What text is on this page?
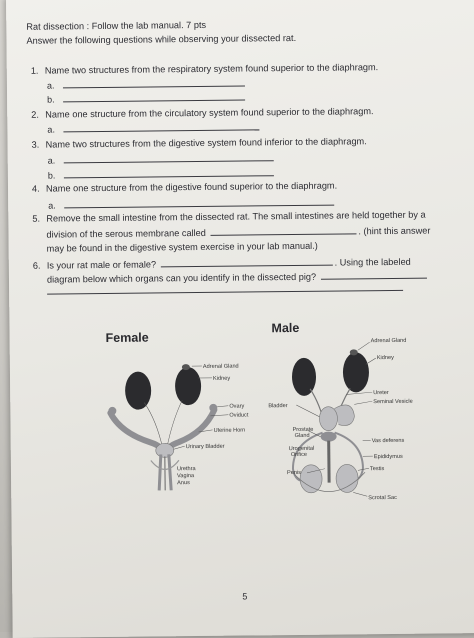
Rat dissection : Follow the lab manual. 7 pts
Answer the following questions while observing your dissected rat.
1. Name two structures from the respiratory system found superior to the diaphragm.
a.
b.
2. Name one structure from the circulatory system found superior to the diaphragm.
a.
3. Name two structures from the digestive system found inferior to the diaphragm.
a.
b.
4. Name one structure from the digestive found superior to the diaphragm.
a.
5. Remove the small intestine from the dissected rat. The small intestines are held together by a
division of the serous membrane called	. (hint this answer
may be found in the digestive system exercise in your lab manual.)
6. Is your rat male or female?	. Using the labeled
diagram below which organs can you identify in the dissected pig?
Female
Male
Adrenal Gland
Kidney
Ovary
Oviduct
Uterine Horn
Urinary Bladder
Urethra
Vagina
Anus
Adrenal Gland
Kidney
Ureter
Seminal Vesicle
Bladder
Prostate
Gland
Vas deferens
Urogenital
Orifice	Epididymus
Penis
Testis
Scrotal Sac
5
